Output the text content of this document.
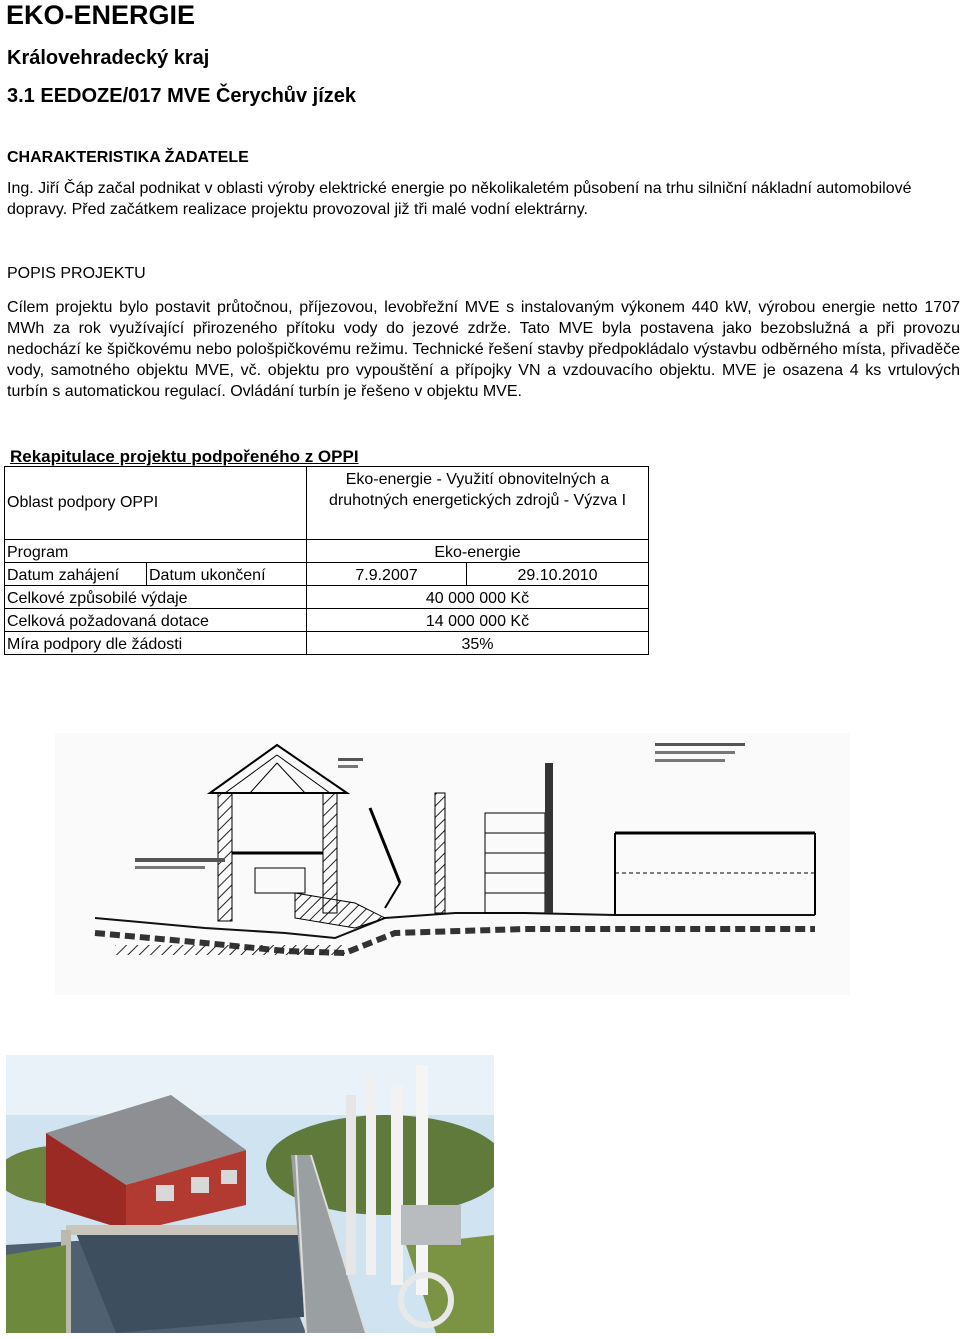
EKO-ENERGIE
Královehradecký kraj
3.1 EEDOZE/017 MVE Čerychův jízek
CHARAKTERISTIKA ŽADATELE
Ing. Jiří Čáp začal podnikat v oblasti výroby elektrické energie po několikaletém působení na trhu silniční nákladní automobilové dopravy. Před začátkem realizace projektu provozoval již tři malé vodní elektrárny.
POPIS PROJEKTU
Cílem projektu bylo postavit průtočnou, příjezovou, levobřežní MVE s instalovaným výkonem 440 kW, výrobou energie netto 1707 MWh za rok využívající přirozeného přítoku vody do jezové zdrže. Tato MVE byla postavena jako bezobslužná a při provozu nedochází ke špičkovému nebo pološpičkovému režimu. Technické řešení stavby předpokládalo výstavbu odběrného místa, přivaděče vody, samotného objektu MVE, vč. objektu pro vypouštění a přípojky VN a vzdouvacího objektu. MVE je osazena 4 ks vrtulových turbín s automatickou regulací. Ovládání turbín je řešeno v objektu MVE.
Rekapitulace projektu podpořeného z OPPI
Oblast podpory OPPI		Eko-energie - Využití obnovitelných a druhotných energetických zdrojů - Výzva I	
Program		Eko-energie	
Datum zahájení	Datum ukončení	7.9.2007	29.10.2010
Celkové způsobilé výdaje		40 000 000 Kč	
Celková požadovaná dotace		14 000 000 Kč	
Míra podpory dle žádosti		35%	
